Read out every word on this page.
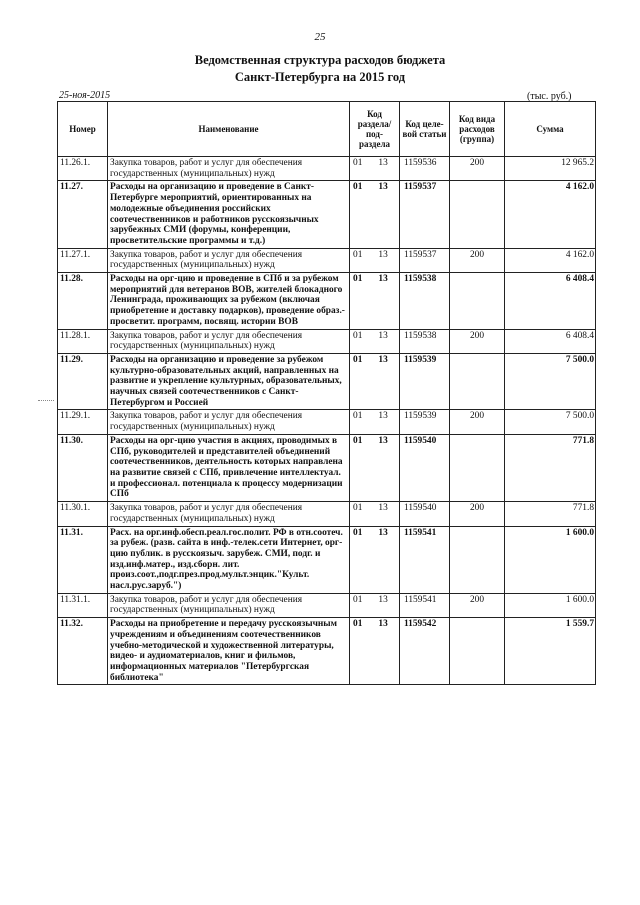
25
Ведомственная структура расходов бюджета
Санкт-Петербурга на 2015 год
25-ноя-2015	(тыс. руб.)
Номер	Наименование	Код раздела/ под- раздела	Код целе- вой статьи	Код вида расходов (группа)	Сумма
11.26.1.	Закупка товаров, работ и услуг для обеспечения государственных (муниципальных) нужд	01 13	1159536	200	12 965.2
11.27.	Расходы на организацию и проведение в Санкт-Петербурге мероприятий, ориентированных на молодежные объединения российских соотечественников и работников русскоязычных зарубежных СМИ (форумы, конференции, просветительские программы и т.д.)	01 13	1159537		4 162.0
11.27.1.	Закупка товаров, работ и услуг для обеспечения государственных (муниципальных) нужд	01 13	1159537	200	4 162.0
11.28.	Расходы на орг-цию и проведение в СПб и за рубежом мероприятий для ветеранов ВОВ, жителей блокадного Ленинграда, проживающих за рубежом (включая приобретение и доставку подарков), проведение образ.-просветит. программ, посвящ. истории ВОВ	01 13	1159538		6 408.4
11.28.1.	Закупка товаров, работ и услуг для обеспечения государственных (муниципальных) нужд	01 13	1159538	200	6 408.4
11.29.	Расходы на организацию и проведение за рубежом культурно-образовательных акций, направленных на развитие и укрепление культурных, образовательных, научных связей соотечественников с Санкт-Петербургом и Россией	01 13	1159539		7 500.0
11.29.1.	Закупка товаров, работ и услуг для обеспечения государственных (муниципальных) нужд	01 13	1159539	200	7 500.0
11.30.	Расходы на орг-цию участия в акциях, проводимых в СПб, руководителей и представителей объединений соотечественников, деятельность которых направлена на развитие связей с СПб, привлечение интеллектуал. и профессионал. потенциала к процессу модернизации СПб	01 13	1159540		771.8
11.30.1.	Закупка товаров, работ и услуг для обеспечения государственных (муниципальных) нужд	01 13	1159540	200	771.8
11.31.	Расх. на орг.инф.обесп.реал.гос.полит. РФ в отн.соотеч. за рубеж. (разв. сайта в инф.-телек.сети Интернет, орг-цию публик. в русскоязыч. зарубеж. СМИ, подг. и изд.инф.матер., изд.сборн. лит. произ.соот.,подг.през.прод.мульт.энцик."Культ. насл.рус.заруб.")	01 13	1159541		1 600.0
11.31.1.	Закупка товаров, работ и услуг для обеспечения государственных (муниципальных) нужд	01 13	1159541	200	1 600.0
11.32.	Расходы на приобретение и передачу русскоязычным учреждениям и объединениям соотечественников учебно-методической и художественной литературы, видео- и аудиоматериалов, книг и фильмов, информационных материалов "Петербургская библиотека"	01 13	1159542		1 559.7
